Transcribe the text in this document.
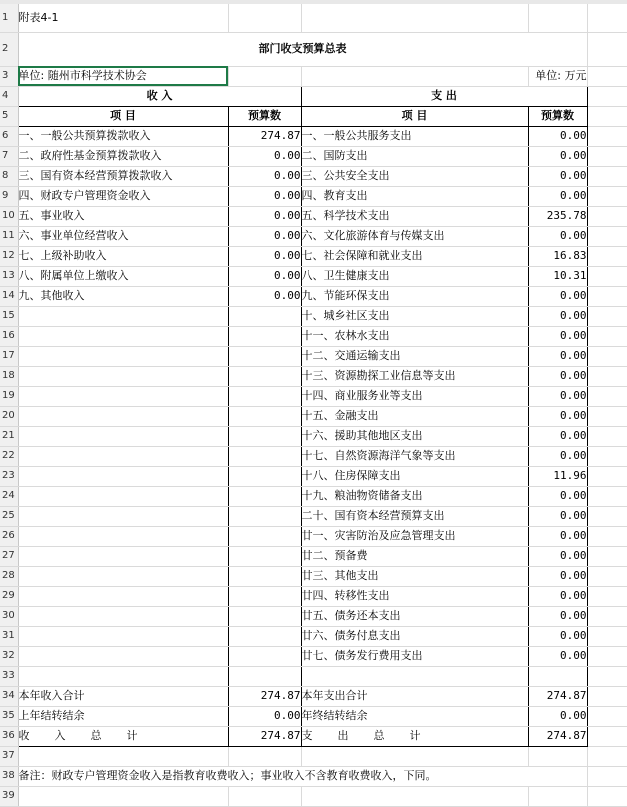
1	附表4-1				
2	部门收支预算总表				
3	单位: 随州市科学技术协会			单位: 万元	
4	收 入		支 出		
5	项 目	预算数	项 目	预算数	
6	一、一般公共预算拨款收入	274.87	一、一般公共服务支出	0.00	
7	二、政府性基金预算拨款收入	0.00	二、国防支出	0.00	
8	三、国有资本经营预算拨款收入	0.00	三、公共安全支出	0.00	
9	四、财政专户管理资金收入	0.00	四、教育支出	0.00	
10	五、事业收入	0.00	五、科学技术支出	235.78	
11	六、事业单位经营收入	0.00	六、文化旅游体育与传媒支出	0.00	
12	七、上级补助收入	0.00	七、社会保障和就业支出	16.83	
13	八、附属单位上缴收入	0.00	八、卫生健康支出	10.31	
14	九、其他收入	0.00	九、节能环保支出	0.00	
15			十、城乡社区支出	0.00	
16			十一、农林水支出	0.00	
17			十二、交通运输支出	0.00	
18			十三、资源勘探工业信息等支出	0.00	
19			十四、商业服务业等支出	0.00	
20			十五、金融支出	0.00	
21			十六、援助其他地区支出	0.00	
22			十七、自然资源海洋气象等支出	0.00	
23			十八、住房保障支出	11.96	
24			十九、粮油物资储备支出	0.00	
25			二十、国有资本经营预算支出	0.00	
26			廿一、灾害防治及应急管理支出	0.00	
27			廿二、预备费	0.00	
28			廿三、其他支出	0.00	
29			廿四、转移性支出	0.00	
30			廿五、债务还本支出	0.00	
31			廿六、债务付息支出	0.00	
32			廿七、债务发行费用支出	0.00	
33					
34	本年收入合计	274.87	本年支出合计	274.87	
35	上年结转结余	0.00	年终结转结余	0.00	
36	收  入  总  计	274.87	支  出  总  计	274.87	
37					
38	备注：财政专户管理资金收入是指教育收费收入；事业收入不含教育收费收入，下同。				
39					
